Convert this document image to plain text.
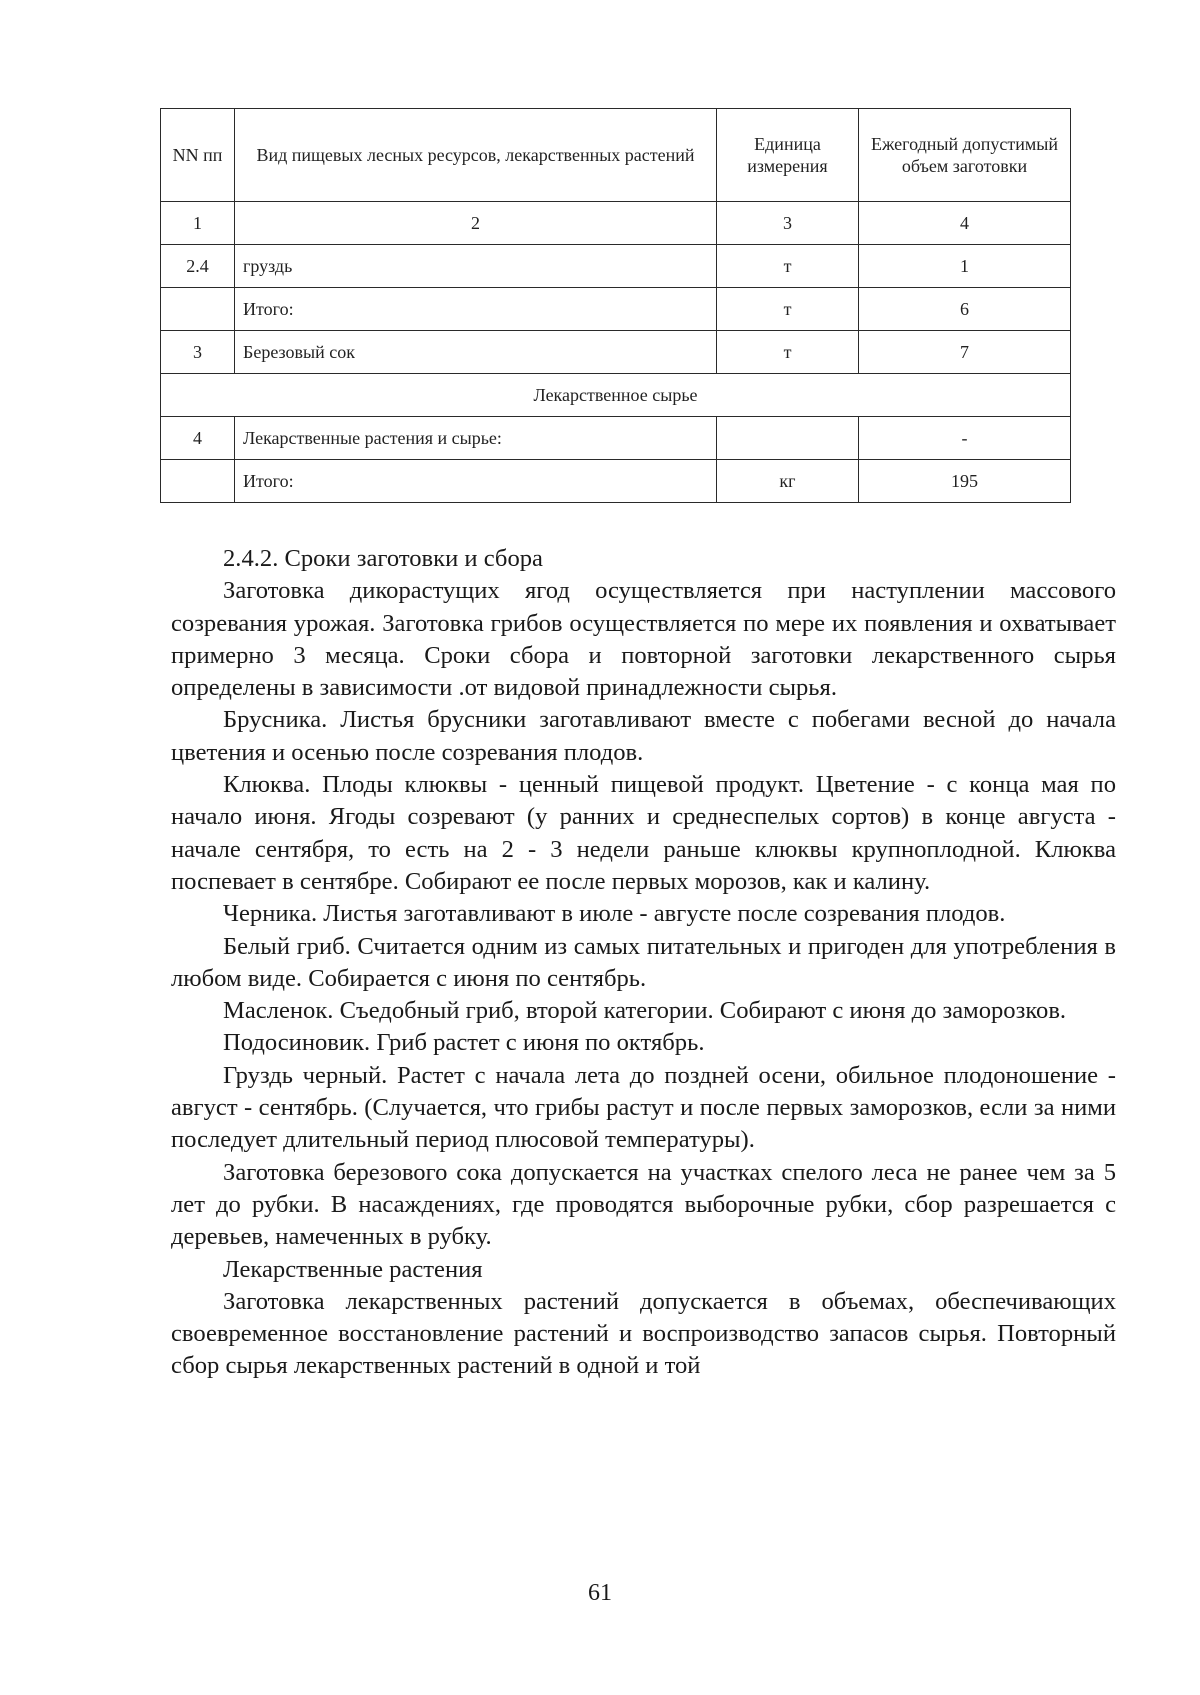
NN пп	Вид пищевых лесных ресурсов, лекарственных растений	Единица измерения	Ежегодный допустимый объем заготовки
1	2	3	4
2.4	груздь	т	1
	Итого:	т	6
3	Березовый сок	т	7
Лекарственное сырье			
4	Лекарственные растения и сырье:		-
	Итого:	кг	195

2.4.2. Сроки заготовки и сбора

Заготовка дикорастущих ягод осуществляется при наступлении массового созревания урожая. Заготовка грибов осуществляется по мере их появления и охватывает примерно 3 месяца. Сроки сбора и повторной заготовки лекарственного сырья определены в зависимости .от видовой принадлежности сырья.

Брусника. Листья брусники заготавливают вместе с побегами весной до начала цветения и осенью после созревания плодов.

Клюква. Плоды клюквы - ценный пищевой продукт. Цветение - с конца мая по начало июня. Ягоды созревают (у ранних и среднеспелых сортов) в конце августа - начале сентября, то есть на 2 - 3 недели раньше клюквы крупноплодной. Клюква поспевает в сентябре. Собирают ее после первых морозов, как и калину.

Черника. Листья заготавливают в июле - августе после созревания плодов.

Белый гриб. Считается одним из самых питательных и пригоден для употребления в любом виде. Собирается с июня по сентябрь.

Масленок. Съедобный гриб, второй категории. Собирают с июня до заморозков.

Подосиновик. Гриб растет с июня по октябрь.

Груздь черный. Растет с начала лета до поздней осени, обильное плодоношение - август - сентябрь. (Случается, что грибы растут и после первых заморозков, если за ними последует длительный период плюсовой температуры).

Заготовка березового сока допускается на участках спелого леса не ранее чем за 5 лет до рубки. В насаждениях, где проводятся выборочные рубки, сбор разрешается с деревьев, намеченных в рубку.

Лекарственные растения

Заготовка лекарственных растений допускается в объемах, обеспечивающих своевременное восстановление растений и воспроизводство запасов сырья. Повторный сбор сырья лекарственных растений в одной и той

61
